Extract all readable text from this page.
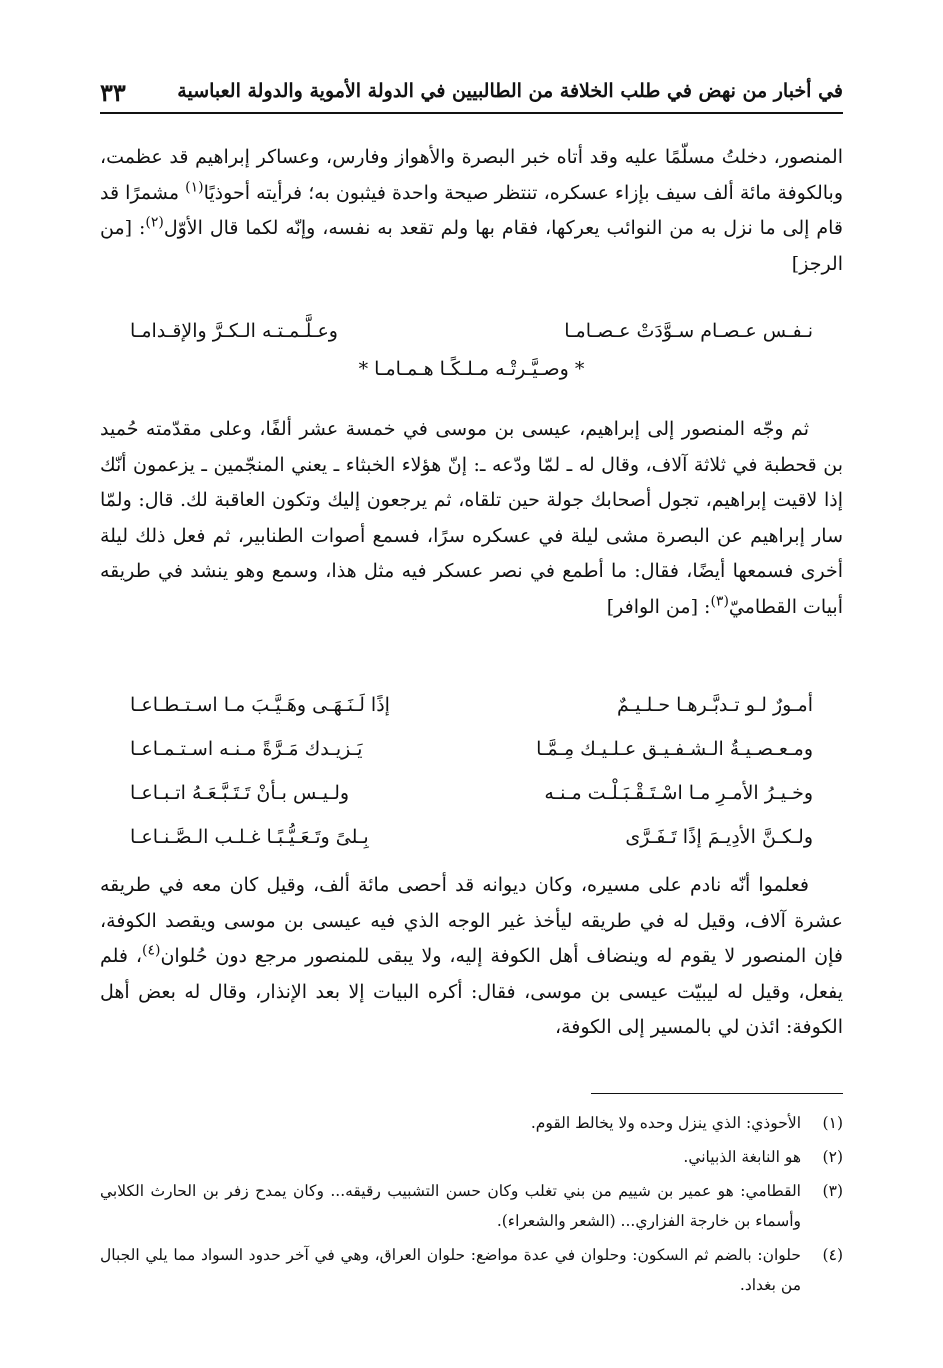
في أخبار من نهض في طلب الخلافة من الطالبيين في الدولة الأموية والدولة العباسية
٣٣

المنصور، دخلتُ مسلّمًا عليه وقد أتاه خبر البصرة والأهواز وفارس، وعساكر إبراهيم قد عظمت، وبالكوفة مائة ألف سيف بإزاء عسكره، تنتظر صيحة واحدة فيثبون به؛ فرأيته أحوذيًا$^{(١)}$ مشمرًا قد قام إلى ما نزل به من النوائب يعركها، فقام بها ولم تقعد به نفسه، وإنّه لكما قال الأوّل$^{(٢)}$: [من الرجز]

نـفـس عـصـام سـوَّدَتْ عـصـامـا
وعـلَّـمـتـه الـكـرَّ والإقـدامـا
* وصـيَّـرتْـه مـلـكًـا هـمـامـا *

ثم وجّه المنصور إلى إبراهيم، عيسى بن موسى في خمسة عشر ألفًا، وعلى مقدّمته حُميد بن قحطبة في ثلاثة آلاف، وقال له ـ لمّا ودّعه ـ: إنّ هؤلاء الخبثاء ـ يعني المنجّمين ـ يزعمون أنّك إذا لاقيت إبراهيم، تجول أصحابك جولة حين تلقاه، ثم يرجعون إليك وتكون العاقبة لك. قال: ولمّا سار إبراهيم عن البصرة مشى ليلة في عسكره سرًا، فسمع أصوات الطنابير، ثم فعل ذلك ليلة أخرى فسمعها أيضًا، فقال: ما أطمع في نصر عسكر فيه مثل هذا، وسمع وهو ينشد في طريقه أبيات القطاميّ$^{(٣)}$: [من الوافر]

أمـورٌ لـو تـدبَّـرهـا حـلـيـمٌ
إذًا لَـنَـهَـى وهَـيَّـبَ مـا اسـتـطـاعـا
ومـعـصـيـةُ الـشـفـيـق عـلـيـك مِـمَّـا
يَـزيـدك مَـرَّةً مـنـه اسـتـمـاعـا
وخـيـرُ الأمـرِ مـا اسْـتَـقْـبَـلْـت مـنـه
ولـيـس بـأنْ تَـتَـبَّـعَـهُ اتـبـاعـا
ولـكـنَّ الأدِيـمَ إذًا تَـفَـرَّى
بِـلىً وتَـعَـيُّـبًـا غـلـب الـصَّـنـاعـا

فعلموا أنّه نادم على مسيره، وكان ديوانه قد أحصى مائة ألف، وقيل كان معه في طريقه عشرة آلاف، وقيل له في طريقه ليأخذ غير الوجه الذي فيه عيسى بن موسى ويقصد الكوفة، فإن المنصور لا يقوم له وينضاف أهل الكوفة إليه، ولا يبقى للمنصور مرجع دون حُلوان$^{(٤)}$، فلم يفعل، وقيل له ليبيّت عيسى بن موسى، فقال: أكره البيات إلا بعد الإنذار، وقال له بعض أهل الكوفة: ائذن لي بالمسير إلى الكوفة،

(١)
الأحوذي: الذي ينزل وحده ولا يخالط القوم.
(٢)
هو النابغة الذبياني.
(٣)
القطامي: هو عمير بن شييم من بني تغلب وكان حسن التشبيب رقيقه... وكان يمدح زفر بن الحارث الكلابي وأسماء بن خارجة الفزاري... (الشعر والشعراء).
(٤)
حلوان: بالضم ثم السكون: وحلوان في عدة مواضع: حلوان العراق، وهي في آخر حدود السواد مما يلي الجبال من بغداد.
